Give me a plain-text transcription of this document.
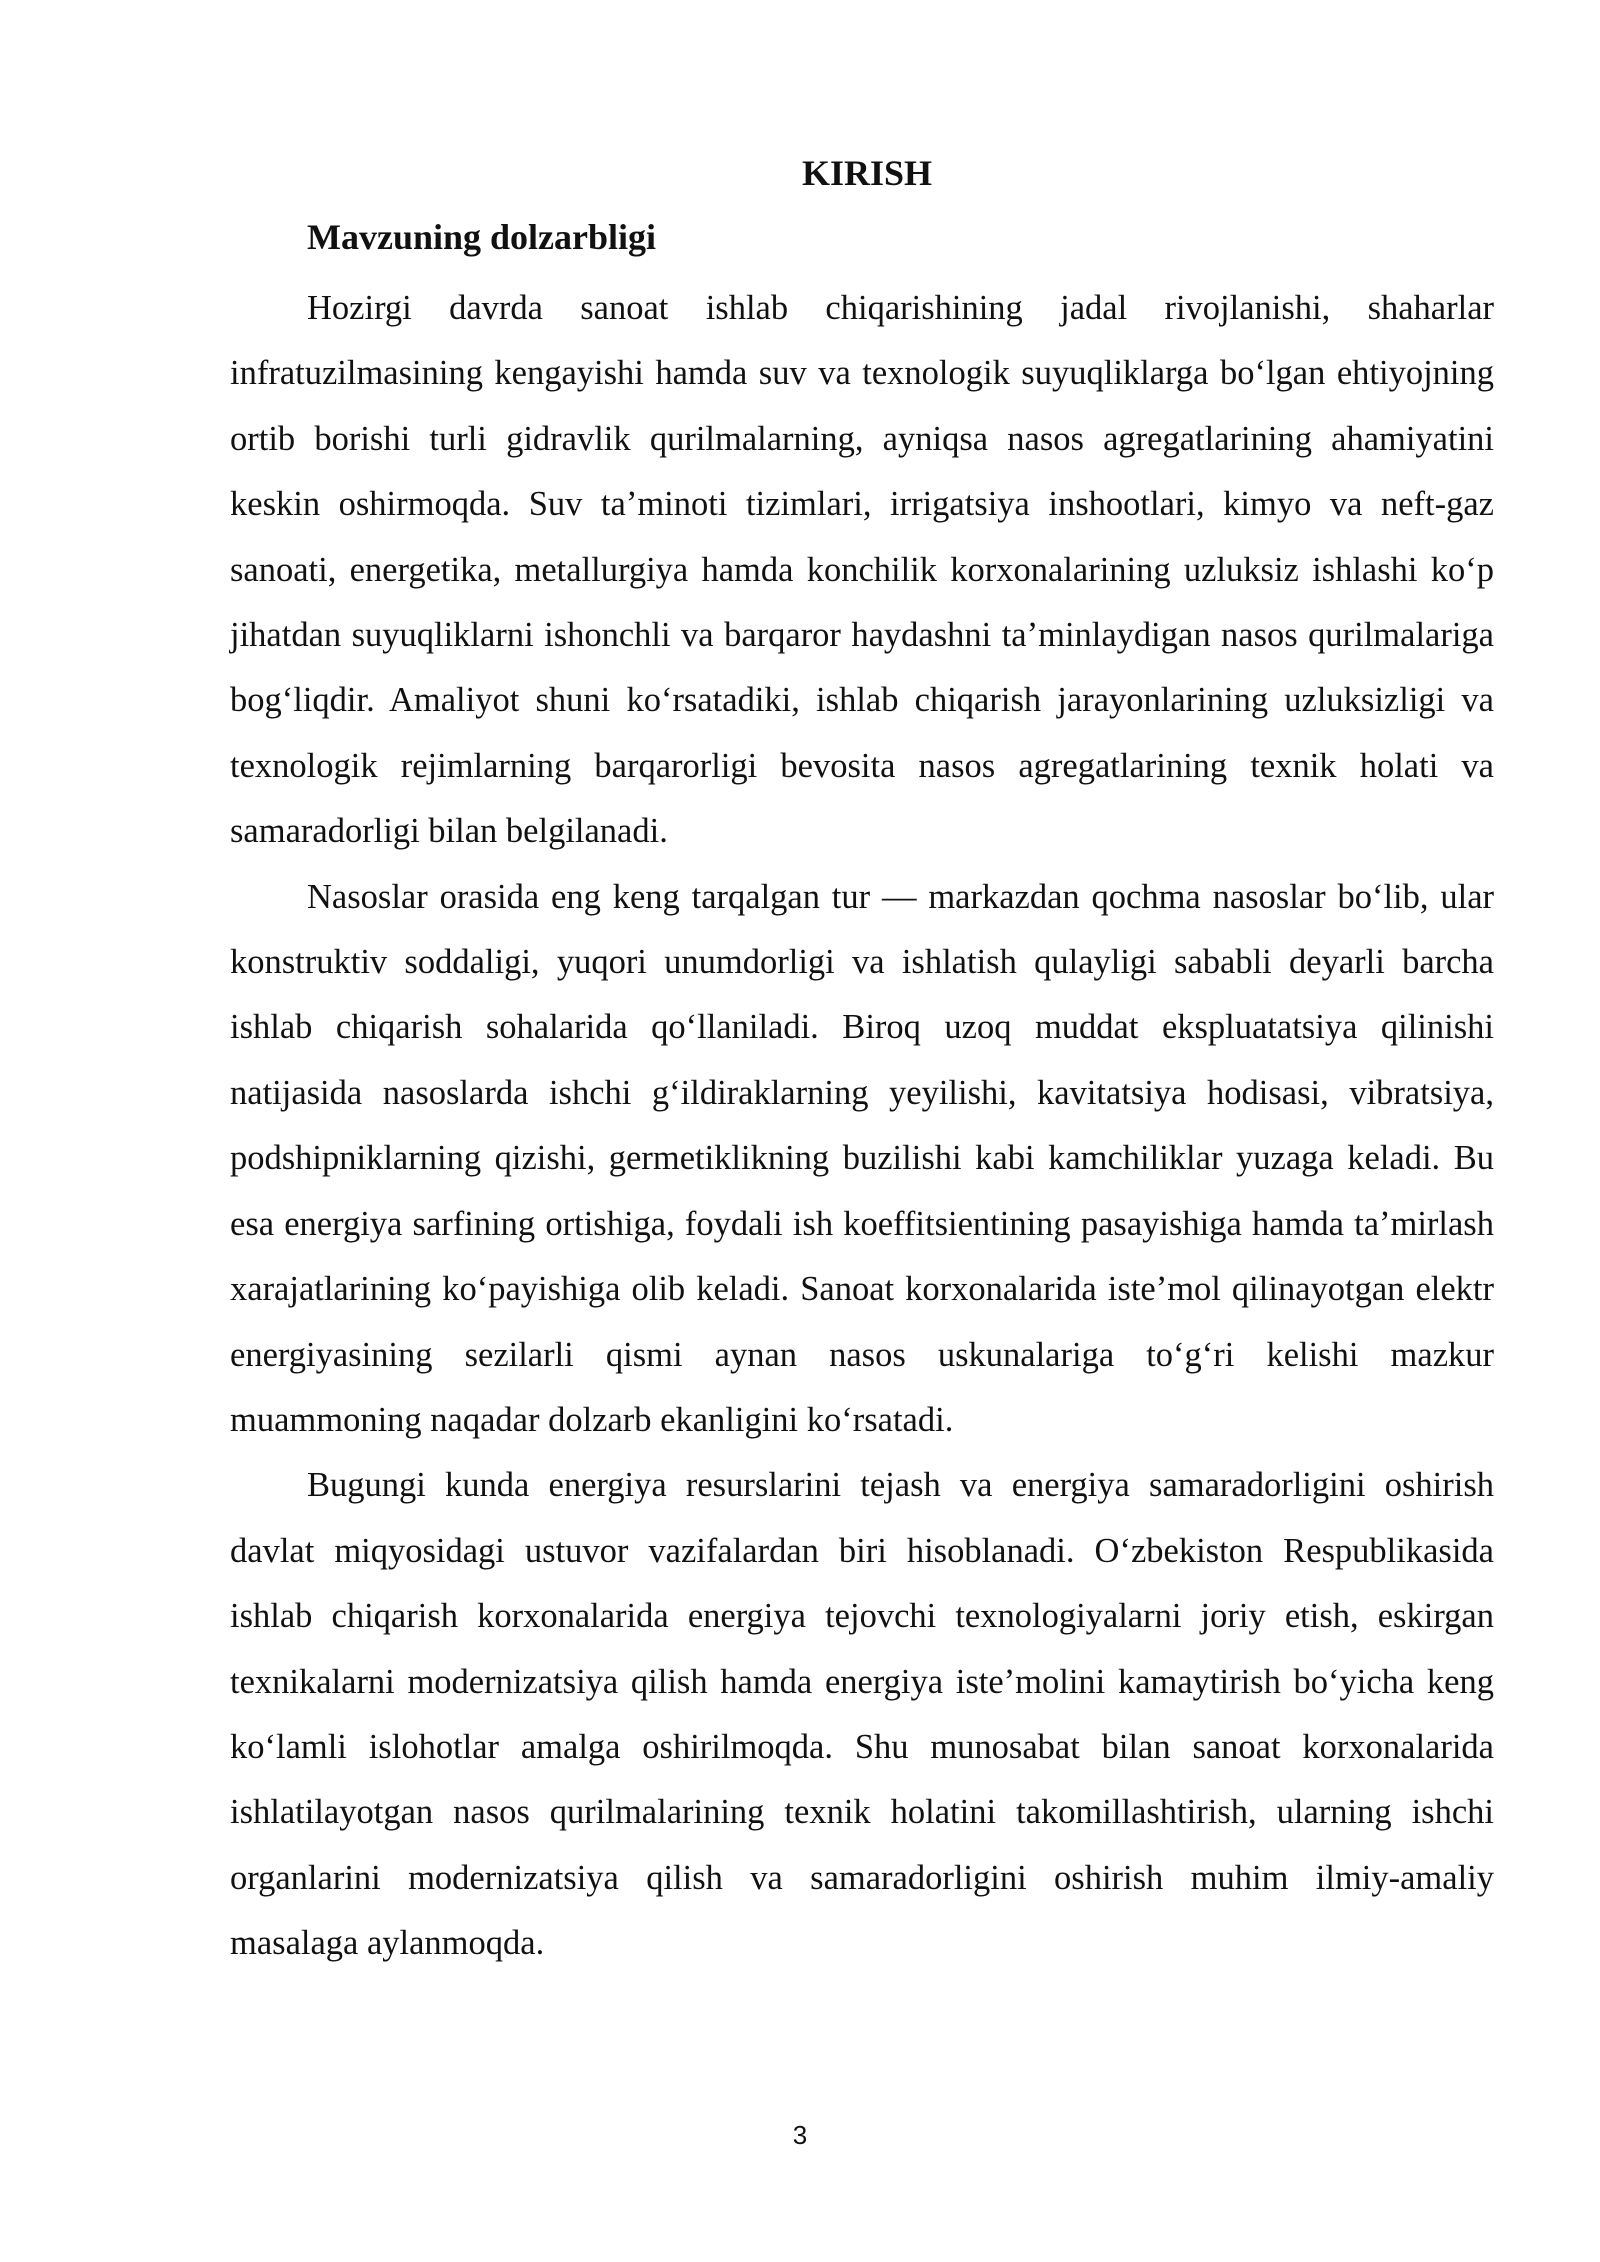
KIRISH
Mavzuning dolzarbligi

Hozirgi davrda sanoat ishlab chiqarishining jadal rivojlanishi, shaharlar infratuzilmasining kengayishi hamda suv va texnologik suyuqliklarga boʻlgan ehtiyojning ortib borishi turli gidravlik qurilmalarning, ayniqsa nasos agregatlarining ahamiyatini keskin oshirmoqda. Suv taʼminoti tizimlari, irrigatsiya inshootlari, kimyo va neft-gaz sanoati, energetika, metallurgiya hamda konchilik korxonalarining uzluksiz ishlashi koʻp jihatdan suyuqliklarni ishonchli va barqaror haydashni taʼminlaydigan nasos qurilmalariga bogʻliqdir. Amaliyot shuni koʻrsatadiki, ishlab chiqarish jarayonlarining uzluksizligi va texnologik rejimlarning barqarorligi bevosita nasos agregatlarining texnik holati va samaradorligi bilan belgilanadi.

Nasoslar orasida eng keng tarqalgan tur — markazdan qochma nasoslar boʻlib, ular konstruktiv soddaligi, yuqori unumdorligi va ishlatish qulayligi sababli deyarli barcha ishlab chiqarish sohalarida qoʻllaniladi. Biroq uzoq muddat ekspluatatsiya qilinishi natijasida nasoslarda ishchi gʻildiraklarning yeyilishi, kavitatsiya hodisasi, vibratsiya, podshipniklarning qizishi, germetiklikning buzilishi kabi kamchiliklar yuzaga keladi. Bu esa energiya sarfining ortishiga, foydali ish koeffitsientining pasayishiga hamda taʼmirlash xarajatlarining koʻpayishiga olib keladi. Sanoat korxonalarida isteʼmol qilinayotgan elektr energiyasining sezilarli qismi aynan nasos uskunalariga toʻgʻri kelishi mazkur muammoning naqadar dolzarb ekanligini koʻrsatadi.

Bugungi kunda energiya resurslarini tejash va energiya samaradorligini oshirish davlat miqyosidagi ustuvor vazifalardan biri hisoblanadi. Oʻzbekiston Respublikasida ishlab chiqarish korxonalarida energiya tejovchi texnologiyalarni joriy etish, eskirgan texnikalarni modernizatsiya qilish hamda energiya isteʼmolini kamaytirish boʻyicha keng koʻlamli islohotlar amalga oshirilmoqda. Shu munosabat bilan sanoat korxonalarida ishlatilayotgan nasos qurilmalarining texnik holatini takomillashtirish, ularning ishchi organlarini modernizatsiya qilish va samaradorligini oshirish muhim ilmiy-amaliy masalaga aylanmoqda.

3
